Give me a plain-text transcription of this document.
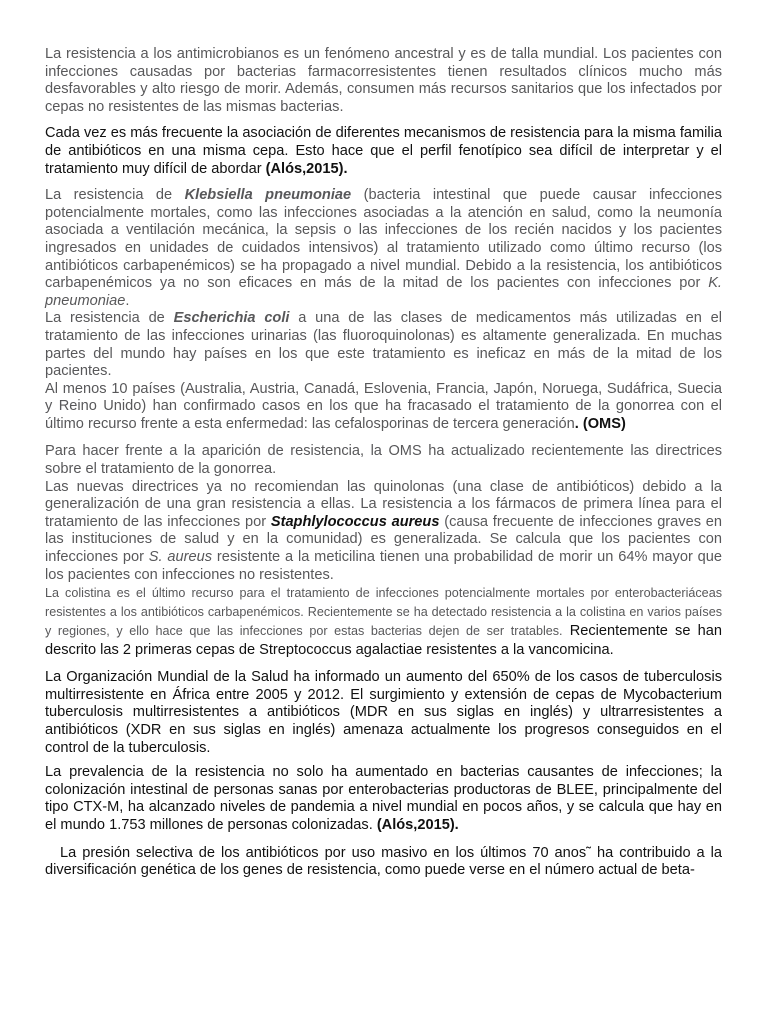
La resistencia a los antimicrobianos es un fenómeno ancestral y es de talla mundial. Los pacientes con infecciones causadas por bacterias farmacorresistentes tienen resultados clínicos mucho más desfavorables y alto riesgo de morir. Además, consumen más recursos sanitarios que los infectados por cepas no resistentes de las mismas bacterias.

Cada vez es más frecuente la asociación de diferentes mecanismos de resistencia para la misma familia de antibióticos en una misma cepa. Esto hace que el perfil fenotípico sea difícil de interpretar y el tratamiento muy difícil de abordar (Alós,2015).

La resistencia de Klebsiella pneumoniae (bacteria intestinal que puede causar infecciones potencialmente mortales, como las infecciones asociadas a la atención en salud, como la neumonía asociada a ventilación mecánica, la sepsis o las infecciones de los recién nacidos y los pacientes ingresados en unidades de cuidados intensivos) al tratamiento utilizado como último recurso (los antibióticos carbapenémicos) se ha propagado a nivel mundial. Debido a la resistencia, los antibióticos carbapenémicos ya no son eficaces en más de la mitad de los pacientes con infecciones por K. pneumoniae.

La resistencia de Escherichia coli a una de las clases de medicamentos más utilizadas en el tratamiento de las infecciones urinarias (las fluoroquinolonas) es altamente generalizada. En muchas partes del mundo hay países en los que este tratamiento es ineficaz en más de la mitad de los pacientes.

Al menos 10 países (Australia, Austria, Canadá, Eslovenia, Francia, Japón, Noruega, Sudáfrica, Suecia y Reino Unido) han confirmado casos en los que ha fracasado el tratamiento de la gonorrea con el último recurso frente a esta enfermedad: las cefalosporinas de tercera generación. (OMS)

Para hacer frente a la aparición de resistencia, la OMS ha actualizado recientemente las directrices sobre el tratamiento de la gonorrea.

Las nuevas directrices ya no recomiendan las quinolonas (una clase de antibióticos) debido a la generalización de una gran resistencia a ellas. La resistencia a los fármacos de primera línea para el tratamiento de las infecciones por Staphlylococcus aureus (causa frecuente de infecciones graves en las instituciones de salud y en la comunidad) es generalizada. Se calcula que los pacientes con infecciones por S. aureus resistente a la meticilina tienen una probabilidad de morir un 64% mayor que los pacientes con infecciones no resistentes.

La colistina es el último recurso para el tratamiento de infecciones potencialmente mortales por enterobacteriáceas resistentes a los antibióticos carbapenémicos. Recientemente se ha detectado resistencia a la colistina en varios países y regiones, y ello hace que las infecciones por estas bacterias dejen de ser tratables. Recientemente se han descrito las 2 primeras cepas de Streptococcus agalactiae resistentes a la vancomicina.

La Organización Mundial de la Salud ha informado un aumento del 650% de los casos de tuberculosis multirresistente en África entre 2005 y 2012. El surgimiento y extensión de cepas de Mycobacterium tuberculosis multirresistentes a antibióticos (MDR en sus siglas en inglés) y ultrarresistentes a antibióticos (XDR en sus siglas en inglés) amenaza actualmente los progresos conseguidos en el control de la tuberculosis.

La prevalencia de la resistencia no solo ha aumentado en bacterias causantes de infecciones; la colonización intestinal de personas sanas por enterobacterias productoras de BLEE, principalmente del tipo CTX-M, ha alcanzado niveles de pandemia a nivel mundial en pocos años, y se calcula que hay en el mundo 1.753 millones de personas colonizadas. (Alós,2015).

La presión selectiva de los antibióticos por uso masivo en los últimos 70 anos˜ ha contribuido a la diversificación genética de los genes de resistencia, como puede verse en el número actual de beta-
